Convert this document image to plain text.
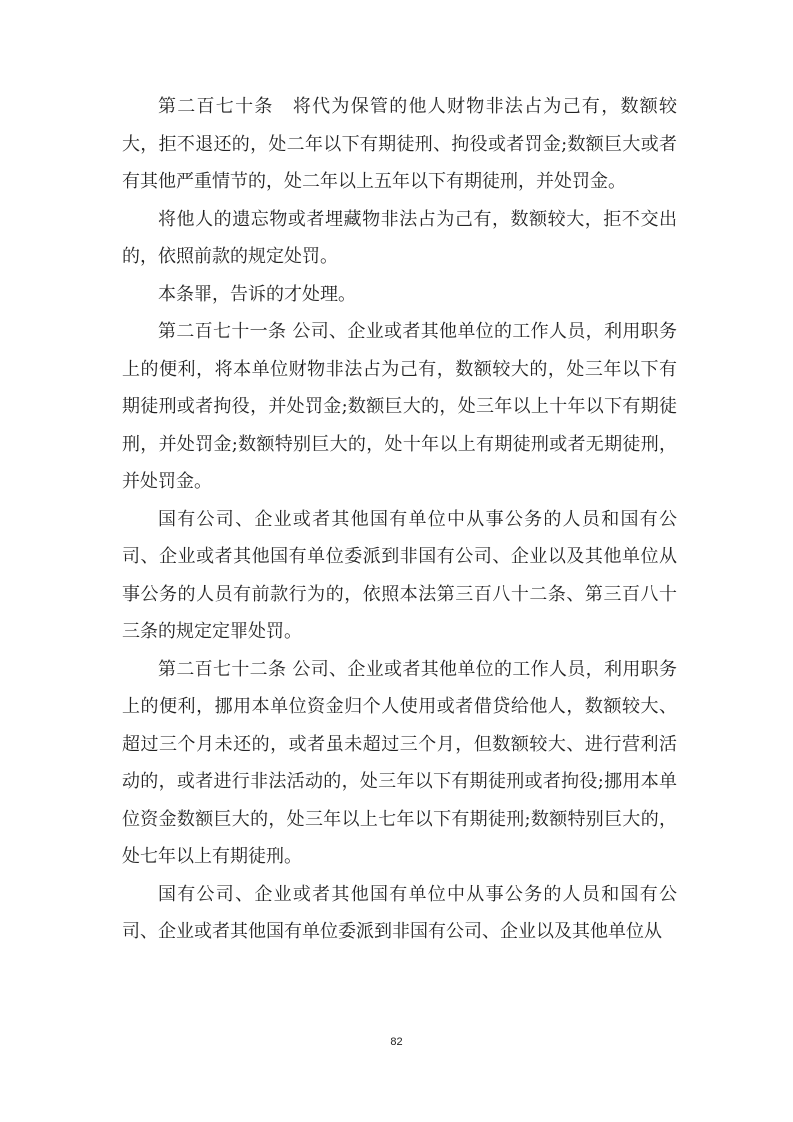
第二百七十条　将代为保管的他人财物非法占为己有，数额较大，拒不退还的，处二年以下有期徒刑、拘役或者罚金;数额巨大或者有其他严重情节的，处二年以上五年以下有期徒刑，并处罚金。

将他人的遗忘物或者埋藏物非法占为己有，数额较大，拒不交出的，依照前款的规定处罚。

本条罪，告诉的才处理。

第二百七十一条 公司、企业或者其他单位的工作人员，利用职务上的便利，将本单位财物非法占为己有，数额较大的，处三年以下有期徒刑或者拘役，并处罚金;数额巨大的，处三年以上十年以下有期徒刑，并处罚金;数额特别巨大的，处十年以上有期徒刑或者无期徒刑，并处罚金。

国有公司、企业或者其他国有单位中从事公务的人员和国有公司、企业或者其他国有单位委派到非国有公司、企业以及其他单位从事公务的人员有前款行为的，依照本法第三百八十二条、第三百八十三条的规定定罪处罚。

第二百七十二条 公司、企业或者其他单位的工作人员，利用职务上的便利，挪用本单位资金归个人使用或者借贷给他人，数额较大、超过三个月未还的，或者虽未超过三个月，但数额较大、进行营利活动的，或者进行非法活动的，处三年以下有期徒刑或者拘役;挪用本单位资金数额巨大的，处三年以上七年以下有期徒刑;数额特别巨大的，处七年以上有期徒刑。

国有公司、企业或者其他国有单位中从事公务的人员和国有公司、企业或者其他国有单位委派到非国有公司、企业以及其他单位从

82
